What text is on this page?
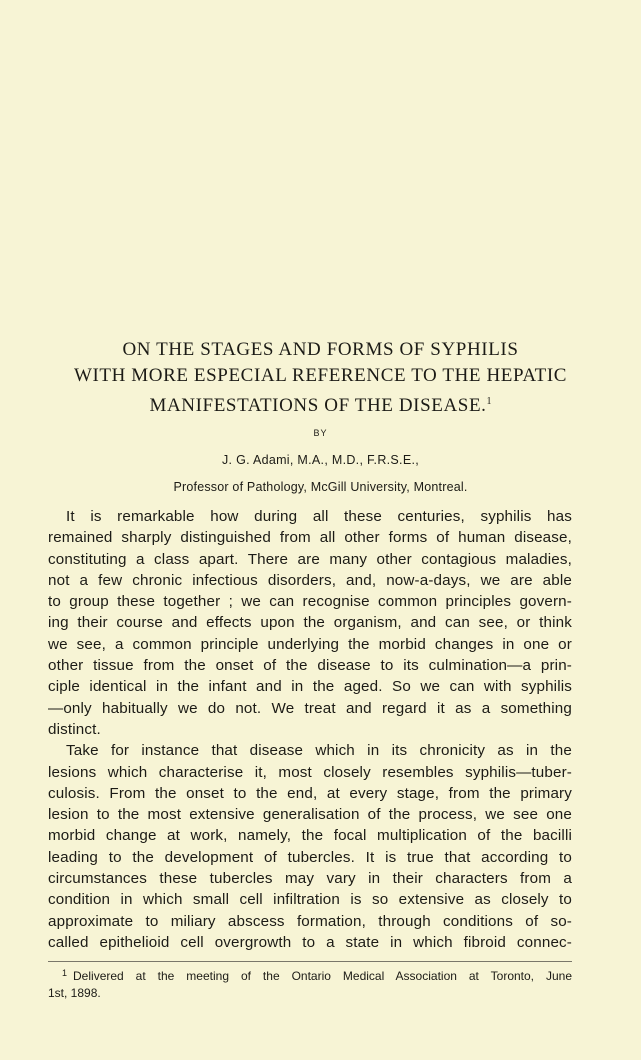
ON THE STAGES AND FORMS OF SYPHILIS
WITH MORE ESPECIAL REFERENCE TO THE HEPATIC
MANIFESTATIONS OF THE DISEASE.$^1$
BY
J. G. Adami, M.A., M.D., F.R.S.E.,
Professor of Pathology, McGill University, Montreal.
It is remarkable how during all these centuries, syphilis has
remained sharply distinguished from all other forms of human disease,
constituting a class apart. There are many other contagious maladies,
not a few chronic infectious disorders, and, now-a-days, we are able
to group these together ; we can recognise common principles govern-
ing their course and effects upon the organism, and can see, or think
we see, a common principle underlying the morbid changes in one or
other tissue from the onset of the disease to its culmination—a prin-
ciple identical in the infant and in the aged. So we can with syphilis
—only habitually we do not. We treat and regard it as a something
distinct.
Take for instance that disease which in its chronicity as in the
lesions which characterise it, most closely resembles syphilis—tuber-
culosis. From the onset to the end, at every stage, from the primary
lesion to the most extensive generalisation of the process, we see one
morbid change at work, namely, the focal multiplication of the bacilli
leading to the development of tubercles. It is true that according to
circumstances these tubercles may vary in their characters from a
condition in which small cell infiltration is so extensive as closely to
approximate to miliary abscess formation, through conditions of so-
called epithelioid cell overgrowth to a state in which fibroid connec-
$^1$ Delivered at the meeting of the Ontario Medical Association at Toronto, June
1st, 1898.
